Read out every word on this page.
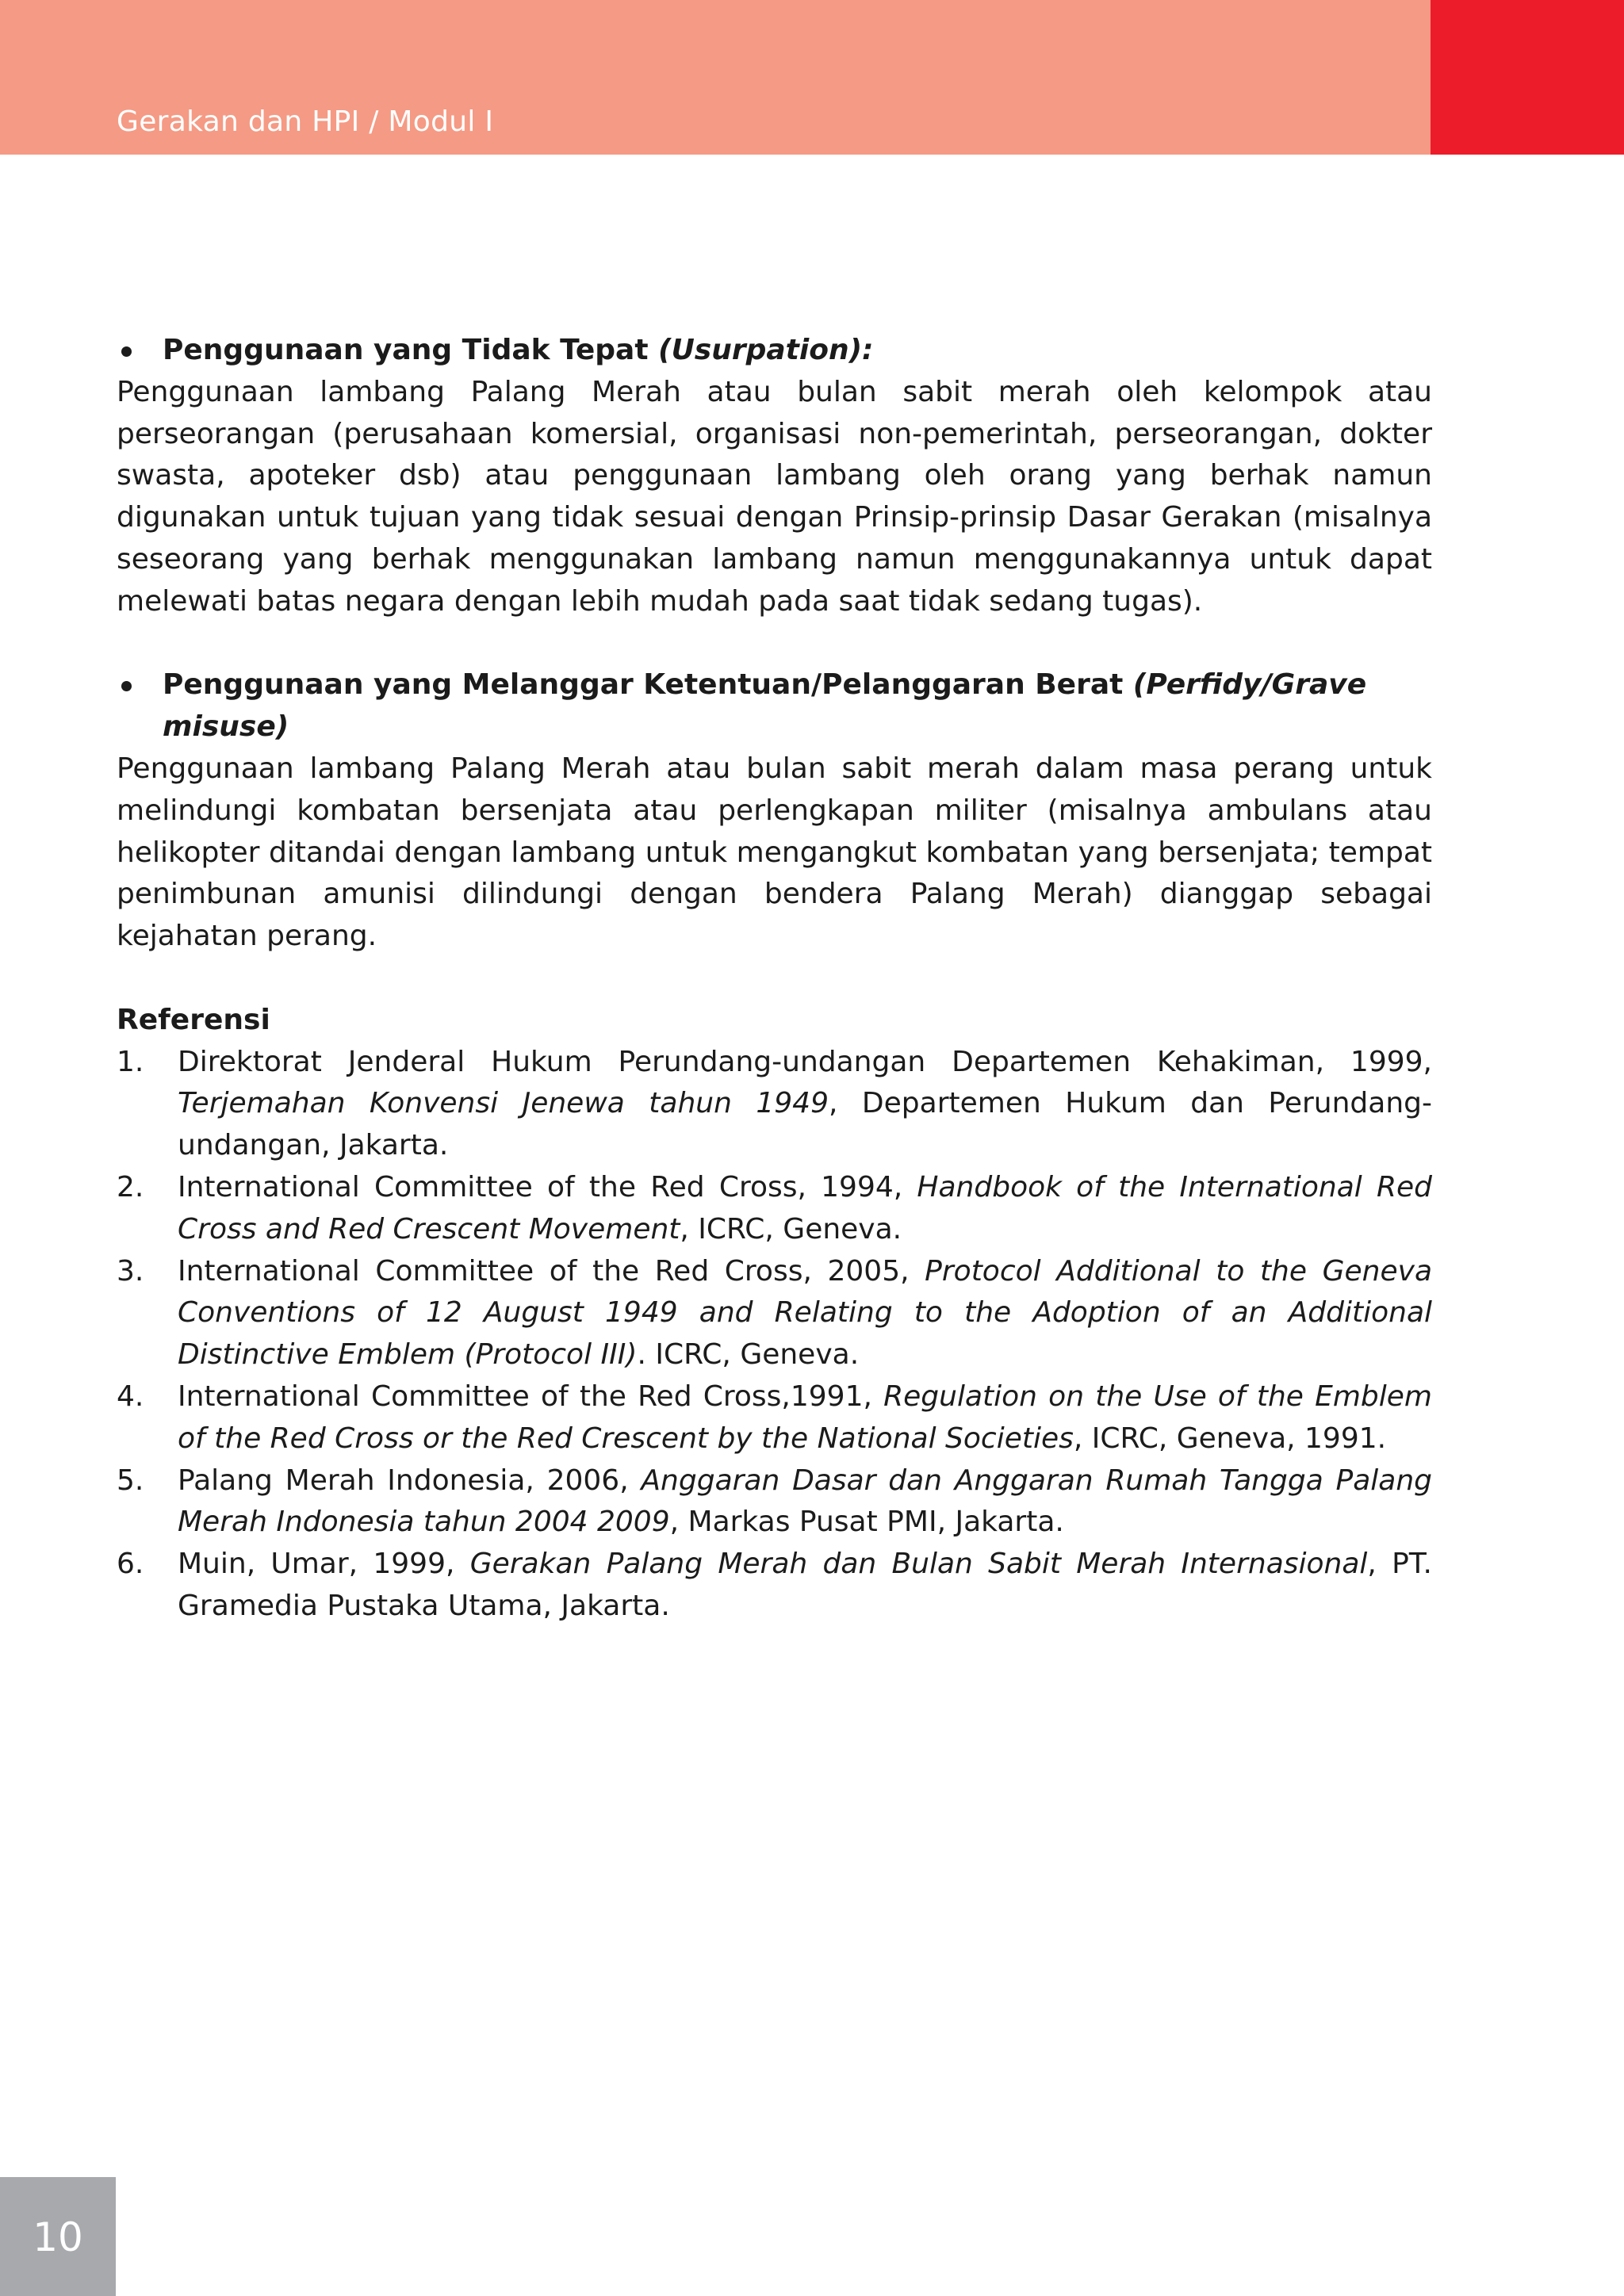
Gerakan dan HPI / Modul I
Penggunaan yang Tidak Tepat (Usurpation):
Penggunaan lambang Palang Merah atau bulan sabit merah oleh kelompok atau perseorangan (perusahaan komersial, organisasi non-pemerintah, perseorangan, dokter swasta, apoteker dsb) atau penggunaan lambang oleh orang yang berhak namun digunakan untuk tujuan yang tidak sesuai dengan Prinsip-prinsip Dasar Gerakan (misalnya seseorang yang berhak menggunakan lambang namun menggunakannya untuk dapat melewati batas negara dengan lebih mudah pada saat tidak sedang tugas).
Penggunaan yang Melanggar Ketentuan/Pelanggaran Berat (Perfidy/Grave misuse)
Penggunaan lambang Palang Merah atau bulan sabit merah dalam masa perang untuk melindungi kombatan bersenjata atau perlengkapan militer (misalnya ambulans atau helikopter ditandai dengan lambang untuk mengangkut kombatan yang bersenjata; tempat penimbunan amunisi dilindungi dengan bendera Palang Merah) dianggap sebagai kejahatan perang.
Referensi
1. Direktorat Jenderal Hukum Perundang-undangan Departemen Kehakiman, 1999, Terjemahan Konvensi Jenewa tahun 1949, Departemen Hukum dan Perundang-undangan, Jakarta.
2. International Committee of the Red Cross, 1994, Handbook of the International Red Cross and Red Crescent Movement, ICRC, Geneva.
3. International Committee of the Red Cross, 2005, Protocol Additional to the Geneva Conventions of 12 August 1949 and Relating to the Adoption of an Additional Distinctive Emblem (Protocol III). ICRC, Geneva.
4. International Committee of the Red Cross,1991, Regulation on the Use of the Emblem of the Red Cross or the Red Crescent by the National Societies, ICRC, Geneva, 1991.
5. Palang Merah Indonesia, 2006, Anggaran Dasar dan Anggaran Rumah Tangga Palang Merah Indonesia tahun 2004 2009, Markas Pusat PMI, Jakarta.
6. Muin, Umar, 1999, Gerakan Palang Merah dan Bulan Sabit Merah Internasional, PT. Gramedia Pustaka Utama, Jakarta.
10
